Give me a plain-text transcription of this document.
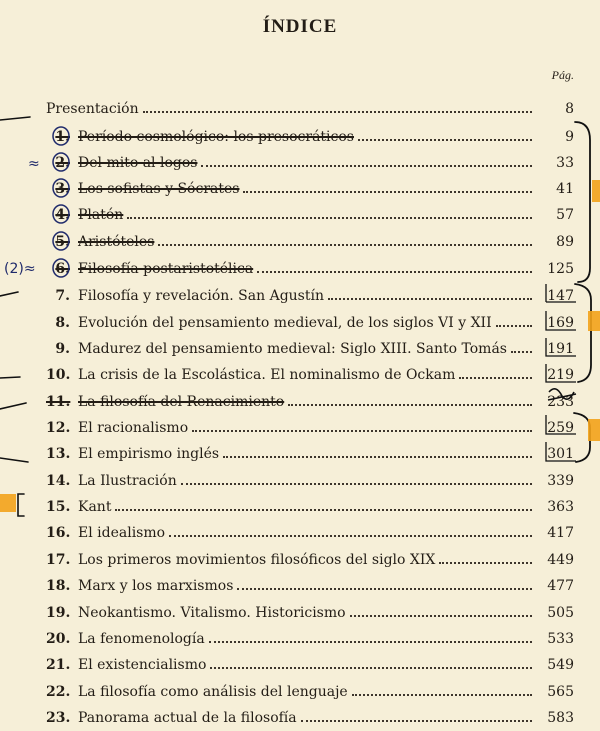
ÍNDICE
Pág.
Presentación	8
1. Período cosmológico: los presocráticos	9
2. Del mito al logos	33
3. Los sofistas y Sócrates	41
4. Platón	57
5. Aristóteles	89
6. Filosofía postaristotélica	125
7. Filosofía y revelación. San Agustín	147
8. Evolución del pensamiento medieval, de los siglos VI y XII	169
9. Madurez del pensamiento medieval: Siglo XIII. Santo Tomás	191
10. La crisis de la Escolástica. El nominalismo de Ockam	219
11. La filosofía del Renacimiento	233
12. El racionalismo	259
13. El empirismo inglés	301
14. La Ilustración	339
15. Kant	363
16. El idealismo	417
17. Los primeros movimientos filosóficos del siglo XIX	449
18. Marx y los marxismos	477
19. Neokantismo. Vitalismo. Historicismo	505
20. La fenomenología	533
21. El existencialismo	549
22. La filosofía como análisis del lenguaje	565
23. Panorama actual de la filosofía	583
≈
(2)≈
